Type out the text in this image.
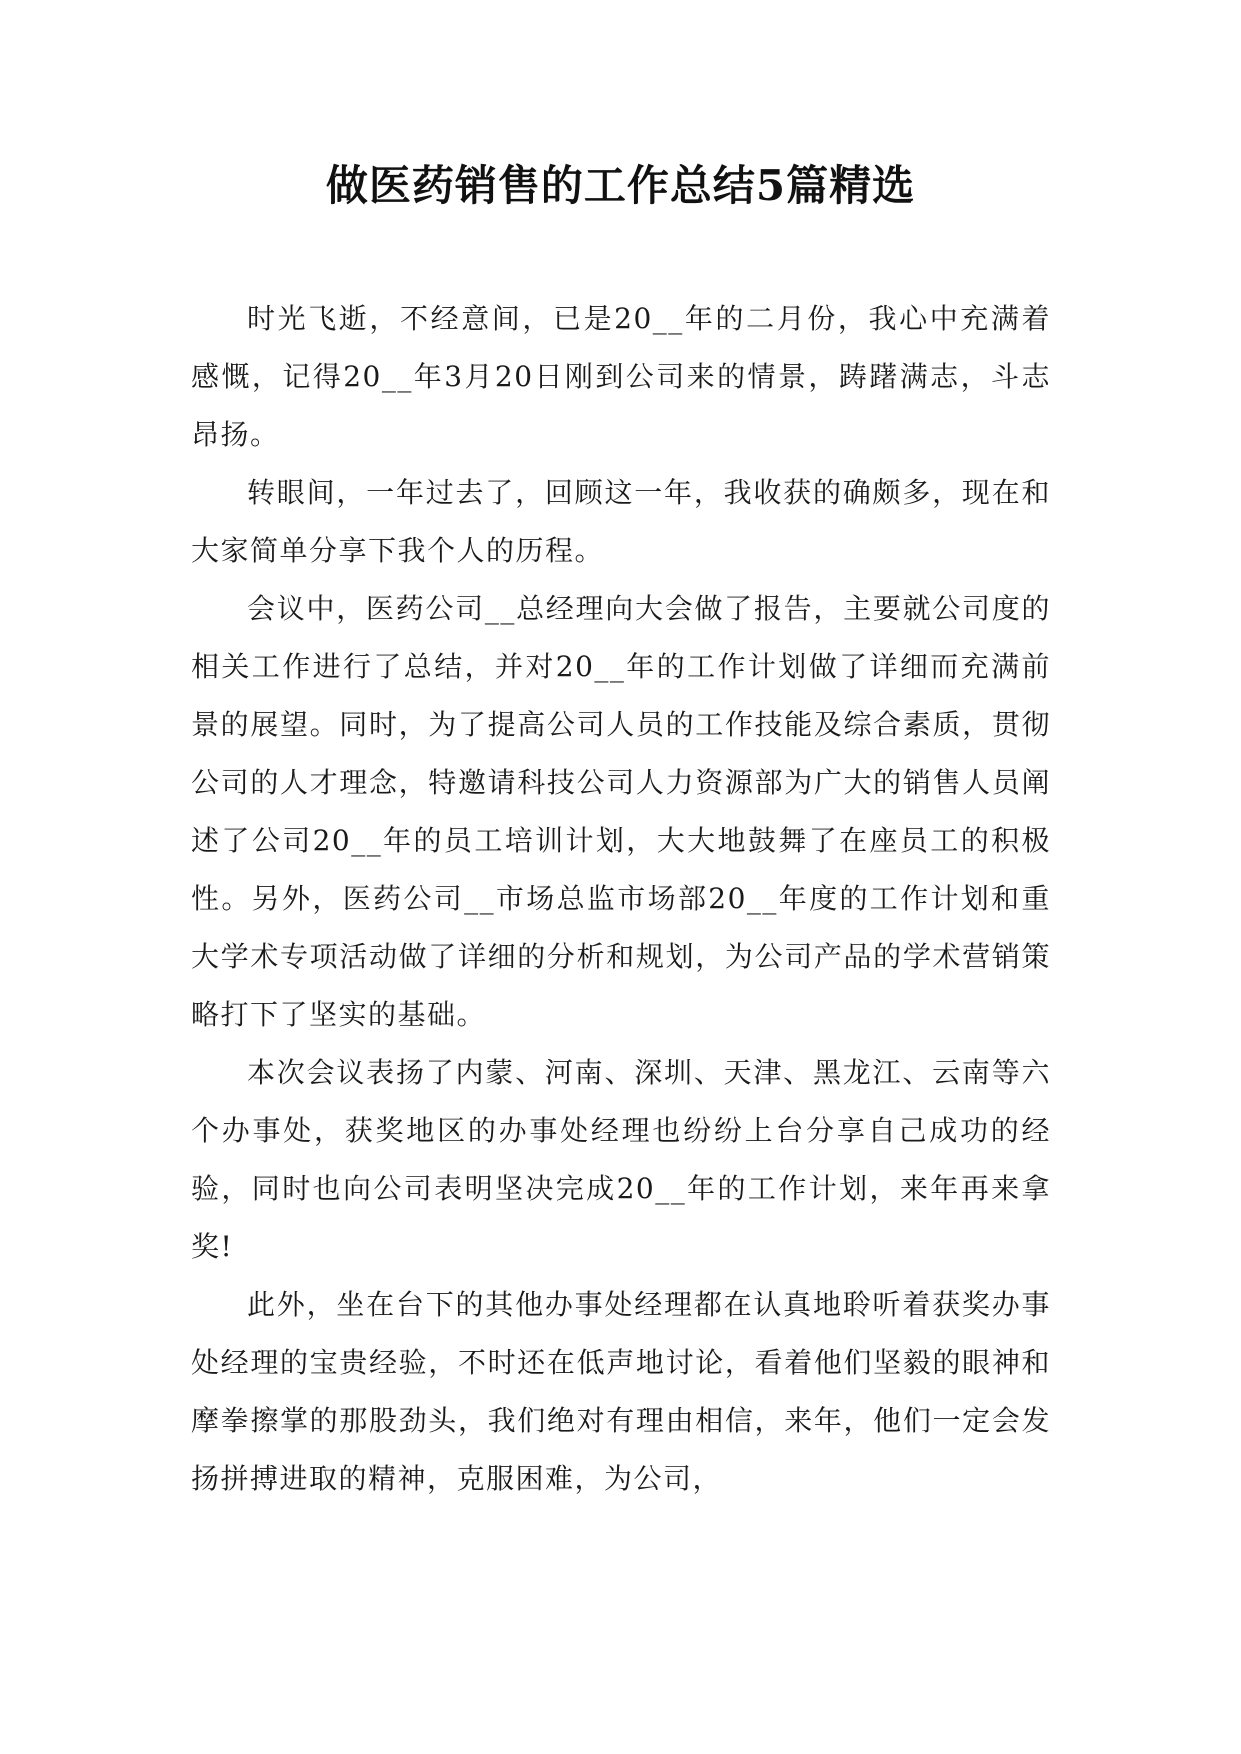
做医药销售的工作总结5篇精选

时光飞逝，不经意间，已是20__年的二月份，我心中充满着感慨，记得20__年3月20日刚到公司来的情景，踌躇满志，斗志昂扬。

转眼间，一年过去了，回顾这一年，我收获的确颇多，现在和大家简单分享下我个人的历程。

会议中，医药公司__总经理向大会做了报告，主要就公司度的相关工作进行了总结，并对20__年的工作计划做了详细而充满前景的展望。同时，为了提高公司人员的工作技能及综合素质，贯彻公司的人才理念，特邀请科技公司人力资源部为广大的销售人员阐述了公司20__年的员工培训计划，大大地鼓舞了在座员工的积极性。另外，医药公司__市场总监市场部20__年度的工作计划和重大学术专项活动做了详细的分析和规划，为公司产品的学术营销策略打下了坚实的基础。

本次会议表扬了内蒙、河南、深圳、天津、黑龙江、云南等六个办事处，获奖地区的办事处经理也纷纷上台分享自己成功的经验，同时也向公司表明坚决完成20__年的工作计划，来年再来拿奖!

此外，坐在台下的其他办事处经理都在认真地聆听着获奖办事处经理的宝贵经验，不时还在低声地讨论，看着他们坚毅的眼神和摩拳擦掌的那股劲头，我们绝对有理由相信，来年，他们一定会发扬拼搏进取的精神，克服困难，为公司，
